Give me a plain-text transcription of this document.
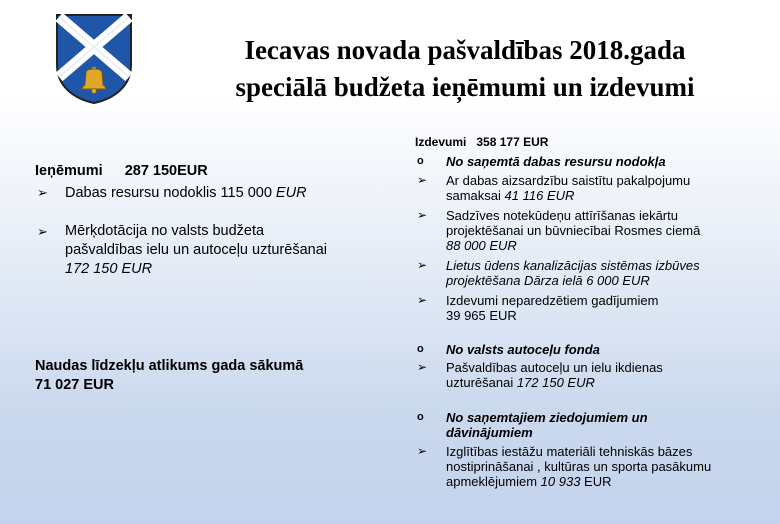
Iecavas novada pašvaldības 2018.gada
speciālā budžeta ieņēmumi un izdevumi
Ieņēmumi 287 150EUR
➢ Dabas resursu nodoklis 115 000 EUR
➢ Mērķdotācija no valsts budžeta
pašvaldības ielu un autoceļu uzturēšanai
172 150 EUR
Naudas līdzekļu atlikums gada sākumā
71 027 EUR
Izdevumi 358 177 EUR
o No saņemtā dabas resursu nodokļa
➢ Ar dabas aizsardzību saistītu pakalpojumu
samaksai 41 116 EUR
➢ Sadzīves notekūdeņu attīrīšanas iekārtu
projektēšanai un būvniecībai Rosmes ciemā
88 000 EUR
➢ Lietus ūdens kanalizācijas sistēmas izbūves
projektēšana Dārza ielā 6 000 EUR
➢ Izdevumi neparedzētiem gadījumiem
39 965 EUR
o No valsts autoceļu fonda
➢ Pašvaldības autoceļu un ielu ikdienas
uzturēšanai 172 150 EUR
o No saņemtajiem ziedojumiem un
dāvinājumiem
➢ Izglītības iestāžu materiāli tehniskās bāzes
nostiprināšanai , kultūras un sporta pasākumu
apmeklējumiem 10 933 EUR
